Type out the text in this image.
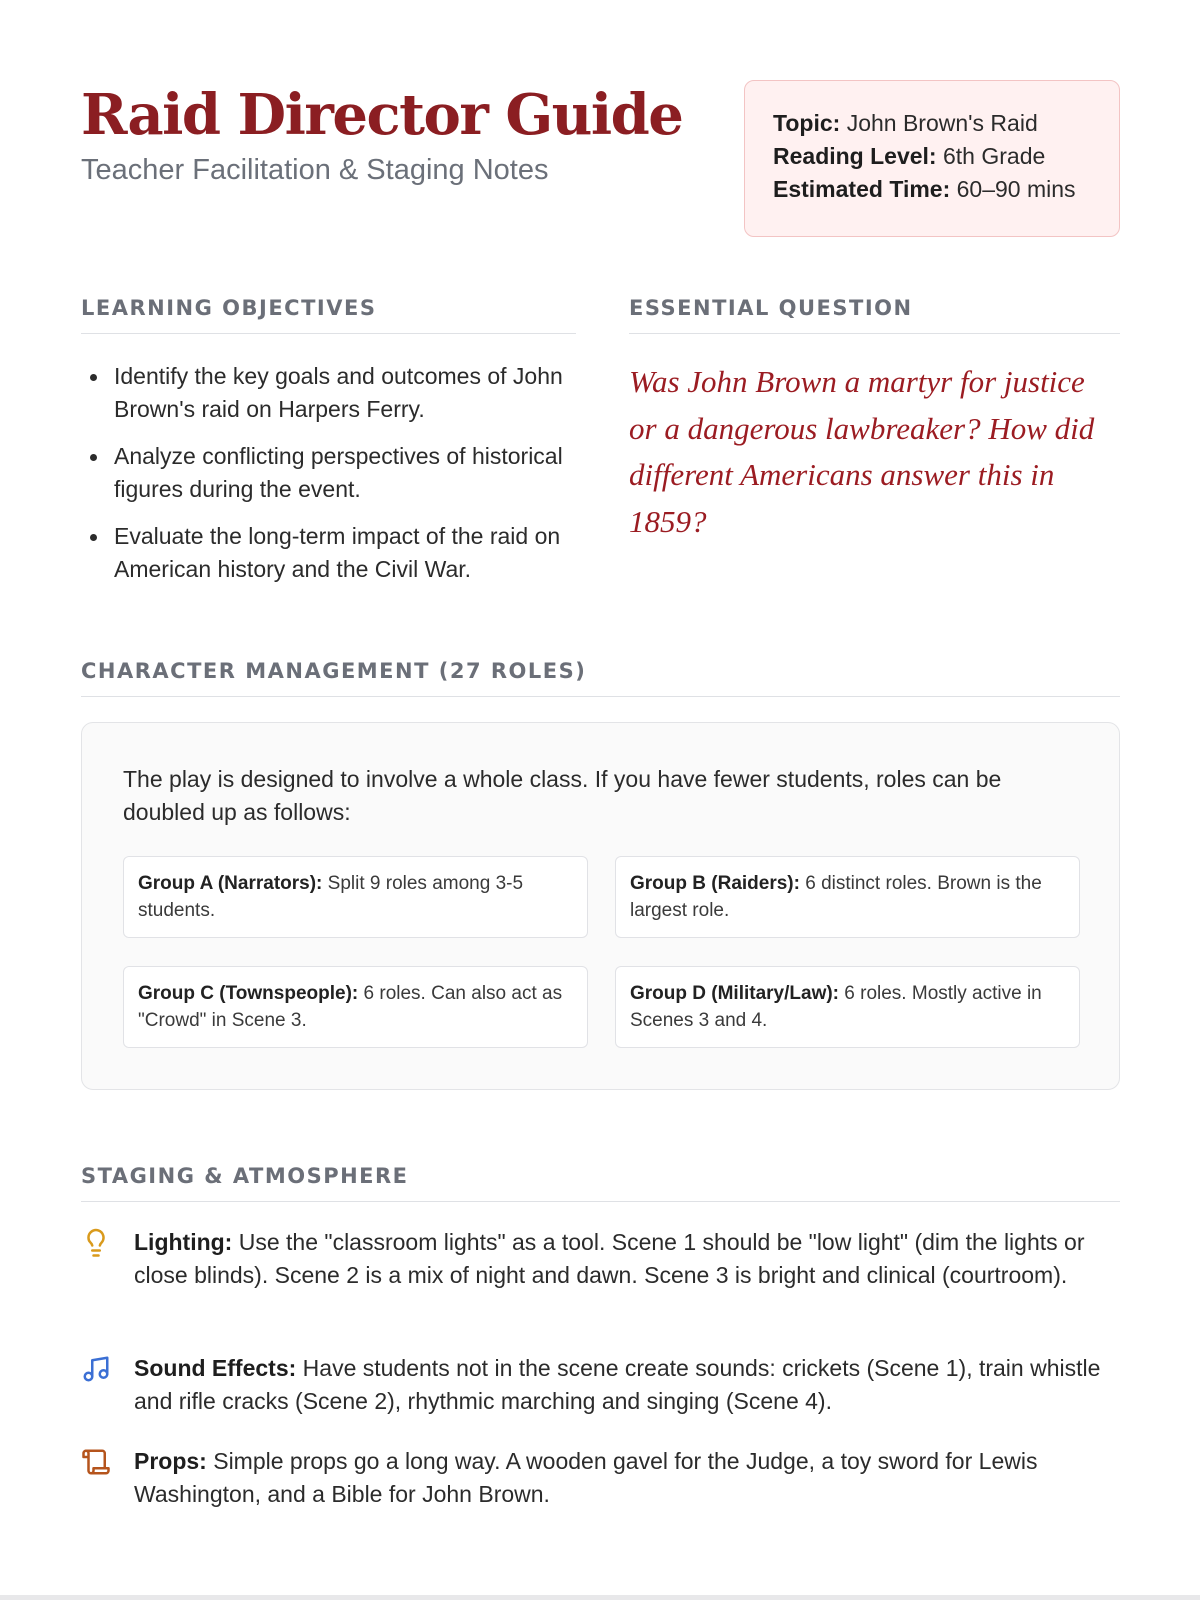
Raid Director Guide
Teacher Facilitation & Staging Notes
Topic: John Brown's Raid
Reading Level: 6th Grade
Estimated Time: 60–90 mins
LEARNING OBJECTIVES
Identify the key goals and outcomes of John Brown's raid on Harpers Ferry.
Analyze conflicting perspectives of historical figures during the event.
Evaluate the long-term impact of the raid on American history and the Civil War.
ESSENTIAL QUESTION
Was John Brown a martyr for justice or a dangerous lawbreaker? How did different Americans answer this in 1859?
CHARACTER MANAGEMENT (27 ROLES)
The play is designed to involve a whole class. If you have fewer students, roles can be doubled up as follows:
Group A (Narrators): Split 9 roles among 3-5 students.
Group B (Raiders): 6 distinct roles. Brown is the largest role.
Group C (Townspeople): 6 roles. Can also act as "Crowd" in Scene 3.
Group D (Military/Law): 6 roles. Mostly active in Scenes 3 and 4.
STAGING & ATMOSPHERE
Lighting: Use the "classroom lights" as a tool. Scene 1 should be "low light" (dim the lights or close blinds). Scene 2 is a mix of night and dawn. Scene 3 is bright and clinical (courtroom).
Sound Effects: Have students not in the scene create sounds: crickets (Scene 1), train whistle and rifle cracks (Scene 2), rhythmic marching and singing (Scene 4).
Props: Simple props go a long way. A wooden gavel for the Judge, a toy sword for Lewis Washington, and a Bible for John Brown.
